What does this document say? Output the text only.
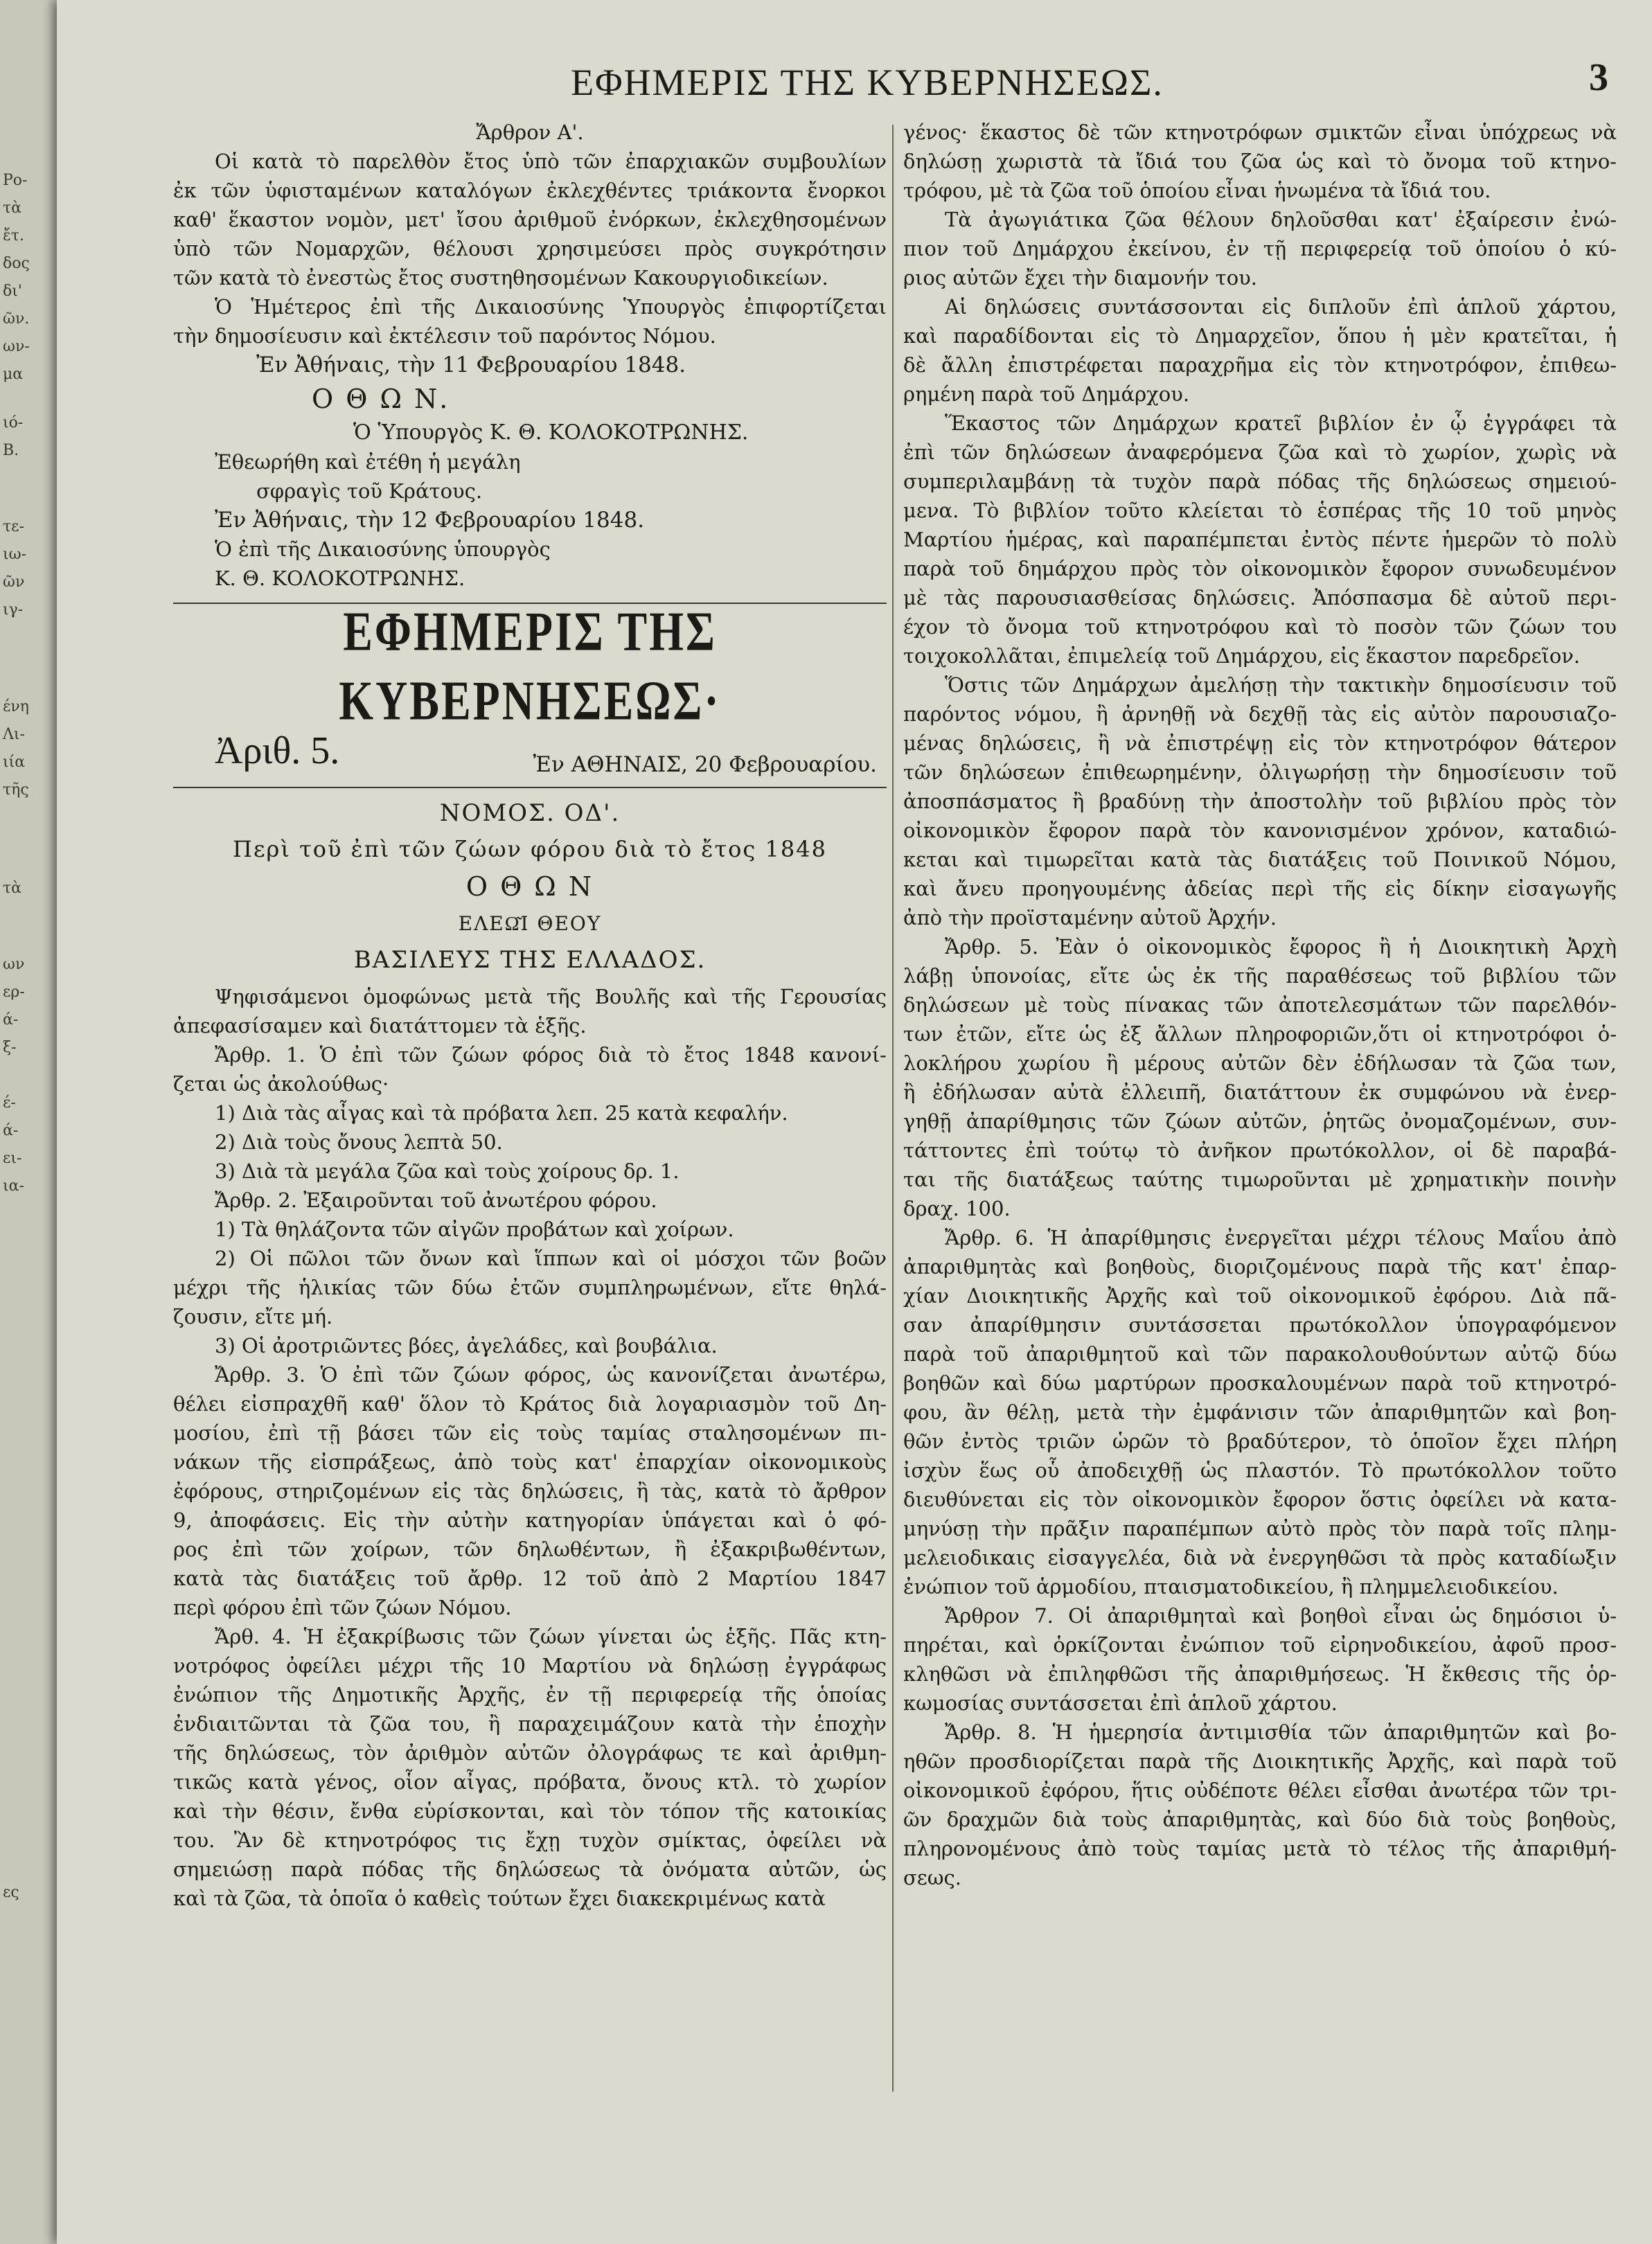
Ρο-
τὰ
ἔτ.
δος
δι'
ῶν.
ων-
μα
ιό-
Β.
τε-
ιω-
ῶν
ιγ-
ένη
Λι-
ιία
τῆς
τὰ
ων
ερ-
ά-
ξ-
έ-
ά-
ει-
ια-
ες
ΕΦΗΜΕΡΙΣ ΤΗΣ ΚΥΒΕΡΝΗΣΕΩΣ.	3
Ἄρθρον Α'.
Οἱ κατὰ τὸ παρελθὸν ἔτος ὑπὸ τῶν ἐπαρχιακῶν συμβουλίων
ἐκ τῶν ὑφισταμένων καταλόγων ἐκλεχθέντες τριάκοντα ἔνορκοι
καθ' ἕκαστον νομὸν, μετ' ἴσου ἀριθμοῦ ἐνόρκων, ἐκλεχθησομένων
ὑπὸ τῶν Νομαρχῶν, θέλουσι χρησιμεύσει πρὸς συγκρότησιν
τῶν κατὰ τὸ ἐνεστὼς ἔτος συστηθησομένων Κακουργιοδικείων.
Ὁ Ἡμέτερος ἐπὶ τῆς Δικαιοσύνης Ὑπουργὸς ἐπιφορτίζεται
τὴν δημοσίευσιν καὶ ἐκτέλεσιν τοῦ παρόντος Νόμου.
Ἐν Ἀθήναις, τὴν 11 Φεβρουαρίου 1848.
Ο Θ Ω Ν.
Ὁ Ὑπουργὸς Κ. Θ. ΚΟΛΟΚΟΤΡΩΝΗΣ.
Ἐθεωρήθη καὶ ἐτέθη ἡ μεγάλη
σφραγὶς τοῦ Κράτους.
Ἐν Ἀθήναις, τὴν 12 Φεβρουαρίου 1848.
Ὁ ἐπὶ τῆς Δικαιοσύνης ὑπουργὸς
Κ. Θ. ΚΟΛΟΚΟΤΡΩΝΗΣ.
ΕΦΗΜΕΡΙΣ ΤΗΣ ΚΥΒΕΡΝΗΣΕΩΣ·
Ἀριθ. 5.	Ἐν ΑΘΗΝΑΙΣ, 20 Φεβρουαρίου.
ΝΟΜΟΣ. ΟΔ'.
Περὶ τοῦ ἐπὶ τῶν ζώων φόρου διὰ τὸ ἔτος 1848
Ο Θ Ω Ν
ΕΛΕΩ͂Ι ΘΕΟΥ
ΒΑΣΙΛΕΥΣ ΤΗΣ ΕΛΛΑΔΟΣ.
Ψηφισάμενοι ὁμοφώνως μετὰ τῆς Βουλῆς καὶ τῆς Γερουσίας
ἀπεφασίσαμεν καὶ διατάττομεν τὰ ἑξῆς.
Ἄρθρ. 1. Ὁ ἐπὶ τῶν ζώων φόρος διὰ τὸ ἔτος 1848 κανονί-
ζεται ὡς ἀκολούθως·
1) Διὰ τὰς αἶγας καὶ τὰ πρόβατα λεπ. 25 κατὰ κεφαλήν.
2) Διὰ τοὺς ὄνους λεπτὰ 50.
3) Διὰ τὰ μεγάλα ζῶα καὶ τοὺς χοίρους δρ. 1.
Ἄρθρ. 2. Ἐξαιροῦνται τοῦ ἀνωτέρου φόρου.
1) Τὰ θηλάζοντα τῶν αἰγῶν προβάτων καὶ χοίρων.
2) Οἱ πῶλοι τῶν ὄνων καὶ ἵππων καὶ οἱ μόσχοι τῶν βοῶν
μέχρι τῆς ἡλικίας τῶν δύω ἐτῶν συμπληρωμένων, εἴτε θηλά-
ζουσιν, εἴτε μή.
3) Οἱ ἀροτριῶντες βόες, ἀγελάδες, καὶ βουβάλια.
Ἄρθρ. 3. Ὁ ἐπὶ τῶν ζώων φόρος, ὡς κανονίζεται ἀνωτέρω,
θέλει εἰσπραχθῆ καθ' ὅλον τὸ Κράτος διὰ λογαριασμὸν τοῦ Δη-
μοσίου, ἐπὶ τῇ βάσει τῶν εἰς τοὺς ταμίας σταλησομένων πι-
νάκων τῆς εἰσπράξεως, ἀπὸ τοὺς κατ' ἐπαρχίαν οἰκονομικοὺς
ἐφόρους, στηριζομένων εἰς τὰς δηλώσεις, ἢ τὰς, κατὰ τὸ ἄρθρον
9, ἀποφάσεις. Εἰς τὴν αὐτὴν κατηγορίαν ὑπάγεται καὶ ὁ φό-
ρος ἐπὶ τῶν χοίρων, τῶν δηλωθέντων, ἢ ἐξακριβωθέντων,
κατὰ τὰς διατάξεις τοῦ ἄρθρ. 12 τοῦ ἀπὸ 2 Μαρτίου 1847
περὶ φόρου ἐπὶ τῶν ζώων Νόμου.
Ἄρθ. 4. Ἡ ἐξακρίβωσις τῶν ζώων γίνεται ὡς ἑξῆς. Πᾶς κτη-
νοτρόφος ὀφείλει μέχρι τῆς 10 Μαρτίου νὰ δηλώσῃ ἐγγράφως
ἐνώπιον τῆς Δημοτικῆς Ἀρχῆς, ἐν τῇ περιφερείᾳ τῆς ὁποίας
ἐνδιαιτῶνται τὰ ζῶα του, ἢ παραχειμάζουν κατὰ τὴν ἐποχὴν
τῆς δηλώσεως, τὸν ἀριθμὸν αὐτῶν ὀλογράφως τε καὶ ἀριθμη-
τικῶς κατὰ γένος, οἷον αἶγας, πρόβατα, ὄνους κτλ. τὸ χωρίον
καὶ τὴν θέσιν, ἔνθα εὑρίσκονται, καὶ τὸν τόπον τῆς κατοικίας
του. Ἂν δὲ κτηνοτρόφος τις ἔχῃ τυχὸν σμίκτας, ὀφείλει νὰ
σημειώσῃ παρὰ πόδας τῆς δηλώσεως τὰ ὀνόματα αὐτῶν, ὡς
καὶ τὰ ζῶα, τὰ ὁποῖα ὁ καθεὶς τούτων ἔχει διακεκριμένως κατὰ
γένος· ἕκαστος δὲ τῶν κτηνοτρόφων σμικτῶν εἶναι ὑπόχρεως νὰ
δηλώσῃ χωριστὰ τὰ ἴδιά του ζῶα ὡς καὶ τὸ ὄνομα τοῦ κτηνο-
τρόφου, μὲ τὰ ζῶα τοῦ ὁποίου εἶναι ἡνωμένα τὰ ἴδιά του.
Τὰ ἀγωγιάτικα ζῶα θέλουν δηλοῦσθαι κατ' ἐξαίρεσιν ἐνώ-
πιον τοῦ Δημάρχου ἐκείνου, ἐν τῇ περιφερείᾳ τοῦ ὁποίου ὁ κύ-
ριος αὐτῶν ἔχει τὴν διαμονήν του.
Αἱ δηλώσεις συντάσσονται εἰς διπλοῦν ἐπὶ ἁπλοῦ χάρτου,
καὶ παραδίδονται εἰς τὸ Δημαρχεῖον, ὅπου ἡ μὲν κρατεῖται, ἡ
δὲ ἄλλη ἐπιστρέφεται παραχρῆμα εἰς τὸν κτηνοτρόφον, ἐπιθεω-
ρημένη παρὰ τοῦ Δημάρχου.
Ἕκαστος τῶν Δημάρχων κρατεῖ βιβλίον ἐν ᾧ ἐγγράφει τὰ
ἐπὶ τῶν δηλώσεων ἀναφερόμενα ζῶα καὶ τὸ χωρίον, χωρὶς νὰ
συμπεριλαμβάνῃ τὰ τυχὸν παρὰ πόδας τῆς δηλώσεως σημειού-
μενα. Τὸ βιβλίον τοῦτο κλείεται τὸ ἑσπέρας τῆς 10 τοῦ μηνὸς
Μαρτίου ἡμέρας, καὶ παραπέμπεται ἐντὸς πέντε ἡμερῶν τὸ πολὺ
παρὰ τοῦ δημάρχου πρὸς τὸν οἰκονομικὸν ἔφορον συνωδευμένον
μὲ τὰς παρουσιασθείσας δηλώσεις. Ἀπόσπασμα δὲ αὐτοῦ περι-
έχον τὸ ὄνομα τοῦ κτηνοτρόφου καὶ τὸ ποσὸν τῶν ζώων του
τοιχοκολλᾶται, ἐπιμελείᾳ τοῦ Δημάρχου, εἰς ἕκαστον παρεδρεῖον.
Ὅστις τῶν Δημάρχων ἀμελήσῃ τὴν τακτικὴν δημοσίευσιν τοῦ
παρόντος νόμου, ἢ ἀρνηθῇ νὰ δεχθῇ τὰς εἰς αὐτὸν παρουσιαζο-
μένας δηλώσεις, ἢ νὰ ἐπιστρέψῃ εἰς τὸν κτηνοτρόφον θάτερον
τῶν δηλώσεων ἐπιθεωρημένην, ὀλιγωρήσῃ τὴν δημοσίευσιν τοῦ
ἀποσπάσματος ἢ βραδύνῃ τὴν ἀποστολὴν τοῦ βιβλίου πρὸς τὸν
οἰκονομικὸν ἔφορον παρὰ τὸν κανονισμένον χρόνον, καταδιώ-
κεται καὶ τιμωρεῖται κατὰ τὰς διατάξεις τοῦ Ποινικοῦ Νόμου,
καὶ ἄνευ προηγουμένης ἀδείας περὶ τῆς εἰς δίκην εἰσαγωγῆς
ἀπὸ τὴν προϊσταμένην αὐτοῦ Ἀρχήν.
Ἄρθρ. 5. Ἐὰν ὁ οἰκονομικὸς ἔφορος ἢ ἡ Διοικητικὴ Ἀρχὴ
λάβῃ ὑπονοίας, εἴτε ὡς ἐκ τῆς παραθέσεως τοῦ βιβλίου τῶν
δηλώσεων μὲ τοὺς πίνακας τῶν ἀποτελεσμάτων τῶν παρελθόν-
των ἐτῶν, εἴτε ὡς ἐξ ἄλλων πληροφοριῶν,ὅτι οἱ κτηνοτρόφοι ὁ-
λοκλήρου χωρίου ἢ μέρους αὐτῶν δὲν ἐδήλωσαν τὰ ζῶα των,
ἢ ἐδήλωσαν αὐτὰ ἐλλειπῆ, διατάττουν ἐκ συμφώνου νὰ ἐνερ-
γηθῇ ἀπαρίθμησις τῶν ζώων αὐτῶν, ῥητῶς ὀνομαζομένων, συν-
τάττοντες ἐπὶ τούτῳ τὸ ἀνῆκον πρωτόκολλον, οἱ δὲ παραβά-
ται τῆς διατάξεως ταύτης τιμωροῦνται μὲ χρηματικὴν ποινὴν
δραχ. 100.
Ἄρθρ. 6. Ἡ ἀπαρίθμησις ἐνεργεῖται μέχρι τέλους Μαΐου ἀπὸ
ἀπαριθμητὰς καὶ βοηθοὺς, διοριζομένους παρὰ τῆς κατ' ἐπαρ-
χίαν Διοικητικῆς Ἀρχῆς καὶ τοῦ οἰκονομικοῦ ἐφόρου. Διὰ πᾶ-
σαν ἀπαρίθμησιν συντάσσεται πρωτόκολλον ὑπογραφόμενον
παρὰ τοῦ ἀπαριθμητοῦ καὶ τῶν παρακολουθούντων αὐτῷ δύω
βοηθῶν καὶ δύω μαρτύρων προσκαλουμένων παρὰ τοῦ κτηνοτρό-
φου, ἂν θέλῃ, μετὰ τὴν ἐμφάνισιν τῶν ἀπαριθμητῶν καὶ βοη-
θῶν ἐντὸς τριῶν ὡρῶν τὸ βραδύτερον, τὸ ὁποῖον ἔχει πλήρη
ἰσχὺν ἕως οὗ ἀποδειχθῇ ὡς πλαστόν. Τὸ πρωτόκολλον τοῦτο
διευθύνεται εἰς τὸν οἰκονομικὸν ἔφορον ὅστις ὀφείλει νὰ κατα-
μηνύσῃ τὴν πρᾶξιν παραπέμπων αὐτὸ πρὸς τὸν παρὰ τοῖς πλημ-
μελειοδικαις εἰσαγγελέα, διὰ νὰ ἐνεργηθῶσι τὰ πρὸς καταδίωξιν
ἐνώπιον τοῦ ἁρμοδίου, πταισματοδικείου, ἢ πλημμελειοδικείου.
Ἄρθρον 7. Οἱ ἀπαριθμηταὶ καὶ βοηθοὶ εἶναι ὡς δημόσιοι ὑ-
πηρέται, καὶ ὁρκίζονται ἐνώπιον τοῦ εἰρηνοδικείου, ἀφοῦ προσ-
κληθῶσι νὰ ἐπιληφθῶσι τῆς ἀπαριθμήσεως. Ἡ ἔκθεσις τῆς ὁρ-
κωμοσίας συντάσσεται ἐπὶ ἁπλοῦ χάρτου.
Ἄρθρ. 8. Ἡ ἡμερησία ἀντιμισθία τῶν ἀπαριθμητῶν καὶ βο-
ηθῶν προσδιορίζεται παρὰ τῆς Διοικητικῆς Ἀρχῆς, καὶ παρὰ τοῦ
οἰκονομικοῦ ἐφόρου, ἥτις οὐδέποτε θέλει εἶσθαι ἀνωτέρα τῶν τρι-
ῶν δραχμῶν διὰ τοὺς ἀπαριθμητὰς, καὶ δύο διὰ τοὺς βοηθοὺς,
πληρονομένους ἀπὸ τοὺς ταμίας μετὰ τὸ τέλος τῆς ἀπαριθμή-
σεως.
